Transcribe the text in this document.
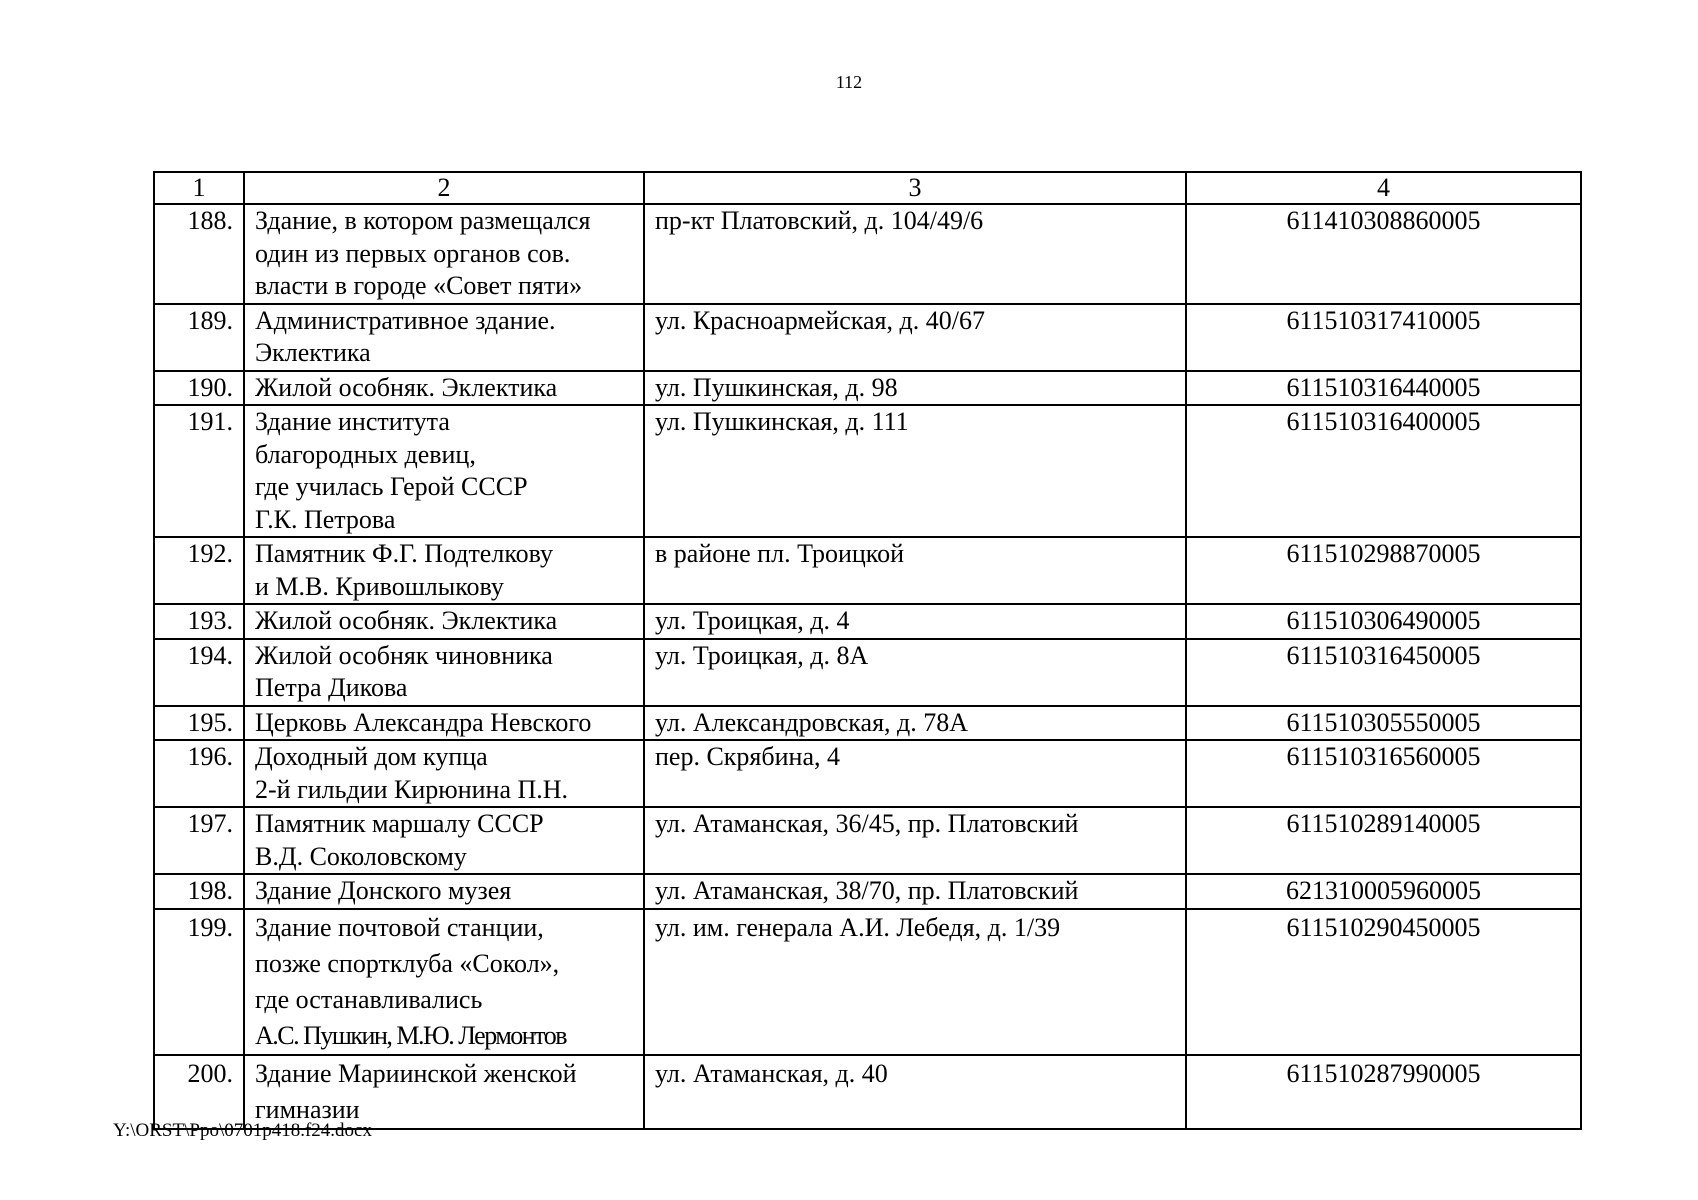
112
1	2	3	4
188.	Здание, в котором размещался
один из первых органов сов.
власти в городе «Совет пяти»	пр-кт Платовский, д. 104/49/6	611410308860005
189.	Административное здание.
Эклектика	ул. Красноармейская, д. 40/67	611510317410005
190.	Жилой особняк. Эклектика	ул. Пушкинская, д. 98	611510316440005
191.	Здание института
благородных девиц,
где училась Герой СССР
Г.К. Петрова	ул. Пушкинская, д. 111	611510316400005
192.	Памятник Ф.Г. Подтелкову
и М.В. Кривошлыкову	в районе пл. Троицкой	611510298870005
193.	Жилой особняк. Эклектика	ул. Троицкая, д. 4	611510306490005
194.	Жилой особняк чиновника
Петра Дикова	ул. Троицкая, д. 8А	611510316450005
195.	Церковь Александра Невского	ул. Александровская, д. 78А	611510305550005
196.	Доходный дом купца
2-й гильдии Кирюнина П.Н.	пер. Скрябина, 4	611510316560005
197.	Памятник маршалу СССР
В.Д. Соколовскому	ул. Атаманская, 36/45, пр. Платовский	611510289140005
198.	Здание Донского музея	ул. Атаманская, 38/70, пр. Платовский	621310005960005
199.	Здание почтовой станции,
позже спортклуба «Сокол»,
где останавливались
А.С. Пушкин, М.Ю. Лермонтов	ул. им. генерала А.И. Лебедя, д. 1/39	611510290450005
200.	Здание Мариинской женской
гимназии	ул. Атаманская, д. 40	611510287990005
Y:\ORST\Ppo\0701p418.f24.docx
